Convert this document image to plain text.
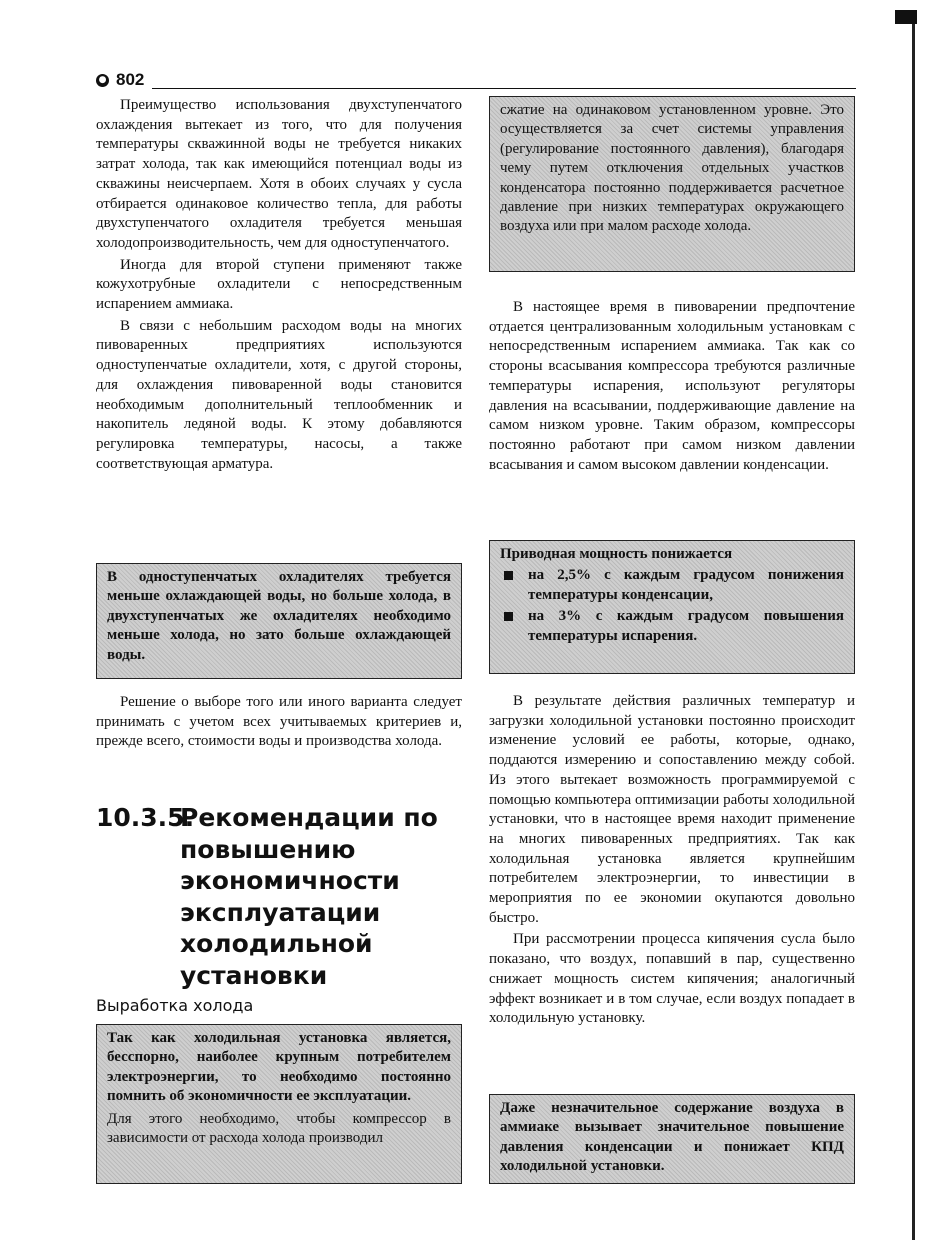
● 802

Преимущество использования двухступенчатого охлаждения вытекает из того, что для получения температуры скважинной воды не требуется никаких затрат холода, так как имеющийся потенциал воды из скважины неисчерпаем. Хотя в обоих случаях у сусла отбирается одинаковое количество тепла, для работы двухступенчатого охладителя требуется меньшая холодопроизводительность, чем для одноступенчатого.

Иногда для второй ступени применяют также кожухотрубные охладители с непосредственным испарением аммиака.

В связи с небольшим расходом воды на многих пивоваренных предприятиях используются одноступенчатые охладители, хотя, с другой стороны, для охлаждения пивоваренной воды становится необходимым дополнительный теплообменник и накопитель ледяной воды. К этому добавляются регулировка температуры, насосы, а также соответствующая арматура.

В одноступенчатых охладителях требуется меньше охлаждающей воды, но больше холода, в двухступенчатых же охладителях необходимо меньше холода, но зато больше охлаждающей воды.

Решение о выборе того или иного варианта следует принимать с учетом всех учитываемых критериев и, прежде всего, стоимости воды и производства холода.

10.3.5.
Рекомендации по повышению экономичности эксплуатации холодильной установки
Выработка холода

Так как холодильная установка является, бесспорно, наиболее крупным потребителем электроэнергии, то необходимо постоянно помнить об экономичности ее эксплуатации.

Для этого необходимо, чтобы компрессор в зависимости от расхода холода производил

сжатие на одинаковом установленном уровне. Это осуществляется за счет системы управления (регулирование постоянного давления), благодаря чему путем отключения отдельных участков конденсатора постоянно поддерживается расчетное давление при низких температурах окружающего воздуха или при малом расходе холода.

В настоящее время в пивоварении предпочтение отдается централизованным холодильным установкам с непосредственным испарением аммиака. Так как со стороны всасывания компрессора требуются различные температуры испарения, используют регуляторы давления на всасывании, поддерживающие давление на самом низком уровне. Таким образом, компрессоры постоянно работают при самом низком давлении всасывания и самом высоком давлении конденсации.

Приводная мощность понижается

на 2,5% с каждым градусом понижения температуры конденсации,
на 3% с каждым градусом повышения температуры испарения.

В результате действия различных температур и загрузки холодильной установки постоянно происходит изменение условий ее работы, которые, однако, поддаются измерению и сопоставлению между собой. Из этого вытекает возможность программируемой с помощью компьютера оптимизации работы холодильной установки, что в настоящее время находит применение на многих пивоваренных предприятиях. Так как холодильная установка является крупнейшим потребителем электроэнергии, то инвестиции в мероприятия по ее экономии окупаются довольно быстро.

При рассмотрении процесса кипячения сусла было показано, что воздух, попавший в пар, существенно снижает мощность систем кипячения; аналогичный эффект возникает и в том случае, если воздух попадает в холодильную установку.

Даже незначительное содержание воздуха в аммиаке вызывает значительное повышение давления конденсации и понижает КПД холодильной установки.
